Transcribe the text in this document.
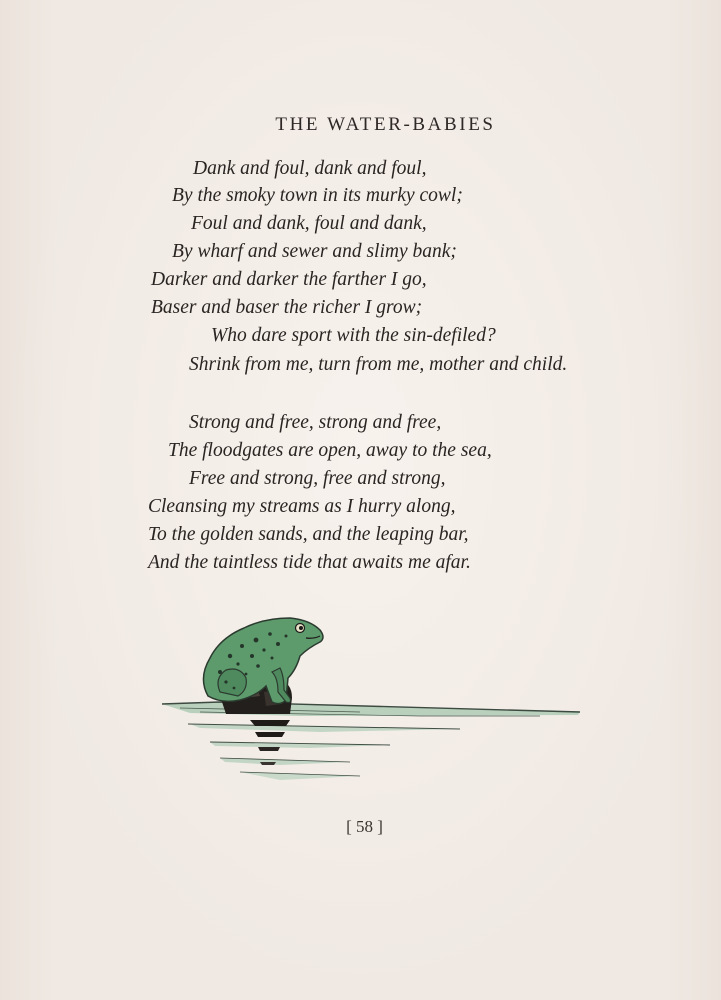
THE WATER-BABIES
Dank and foul, dank and foul,
By the smoky town in its murky cowl;
Foul and dank, foul and dank,
By wharf and sewer and slimy bank;
Darker and darker the farther I go,
Baser and baser the richer I grow;
Who dare sport with the sin-defiled?
Shrink from me, turn from me, mother and child.
Strong and free, strong and free,
The floodgates are open, away to the sea,
Free and strong, free and strong,
Cleansing my streams as I hurry along,
To the golden sands, and the leaping bar,
And the taintless tide that awaits me afar.
[ 58 ]
